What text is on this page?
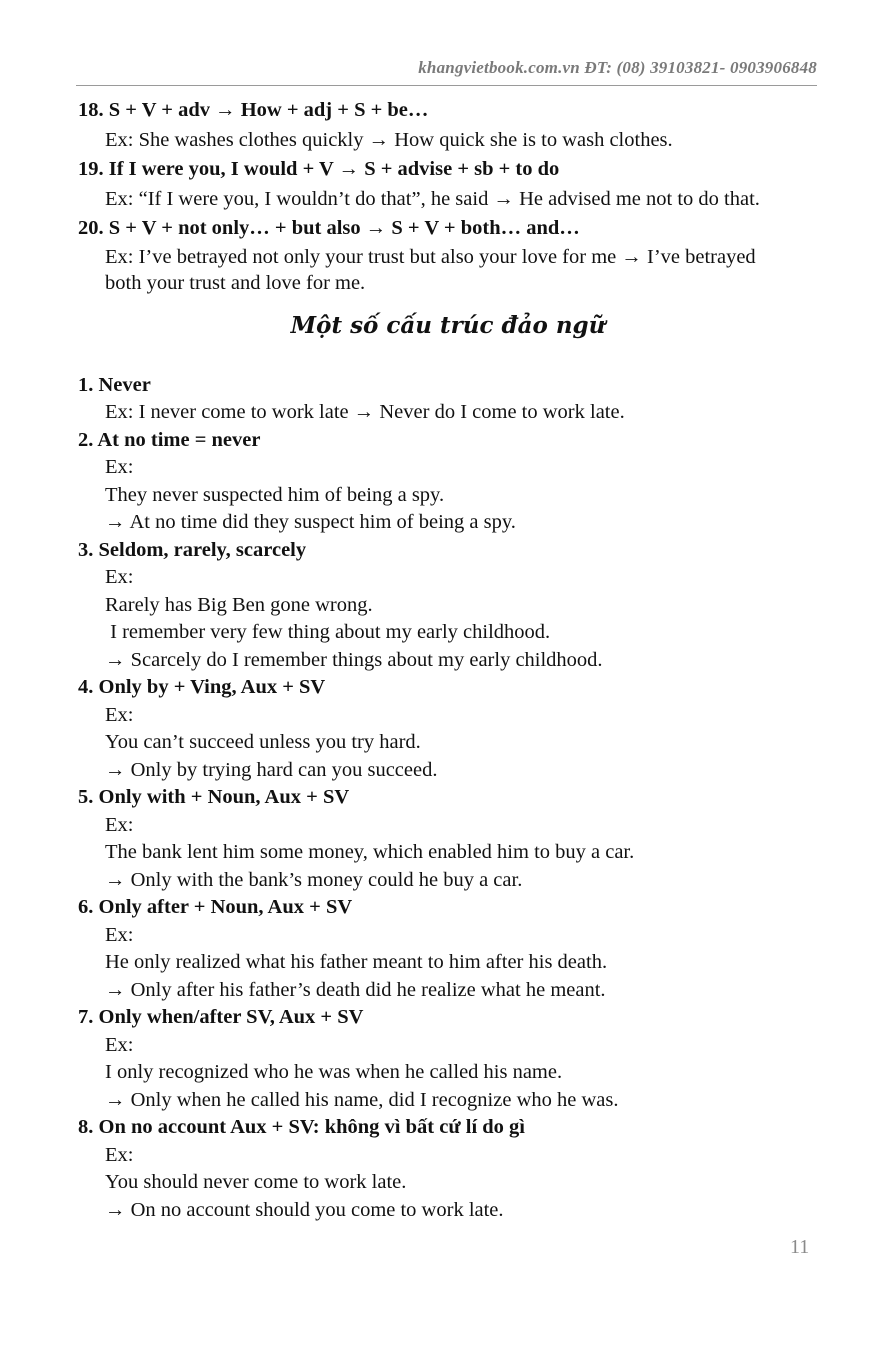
khangvietbook.com.vn ĐT: (08) 39103821- 0903906848
18. S + V + adv → How + adj + S + be…
Ex: She washes clothes quickly → How quick she is to wash clothes.
19. If I were you, I would + V → S + advise + sb + to do
Ex: “If I were you, I wouldn’t do that”, he said → He advised me not to do that.
20. S + V + not only… + but also → S + V + both… and…
Ex: I’ve betrayed not only your trust but also your love for me → I’ve betrayed
both your trust and love for me.
Một số cấu trúc đảo ngữ
1. Never
Ex: I never come to work late → Never do I come to work late.
2. At no time = never
Ex:
They never suspected him of being a spy.
→ At no time did they suspect him of being a spy.
3. Seldom, rarely, scarcely
Ex:
Rarely has Big Ben gone wrong.
I remember very few thing about my early childhood.
→ Scarcely do I remember things about my early childhood.
4. Only by + Ving, Aux + SV
Ex:
You can’t succeed unless you try hard.
→ Only by trying hard can you succeed.
5. Only with + Noun, Aux + SV
Ex:
The bank lent him some money, which enabled him to buy a car.
→ Only with the bank’s money could he buy a car.
6. Only after + Noun, Aux + SV
Ex:
He only realized what his father meant to him after his death.
→ Only after his father’s death did he realize what he meant.
7. Only when/after SV, Aux + SV
Ex:
I only recognized who he was when he called his name.
→ Only when he called his name, did I recognize who he was.
8. On no account Aux + SV: không vì bất cứ lí do gì
Ex:
You should never come to work late.
→ On no account should you come to work late.
11
